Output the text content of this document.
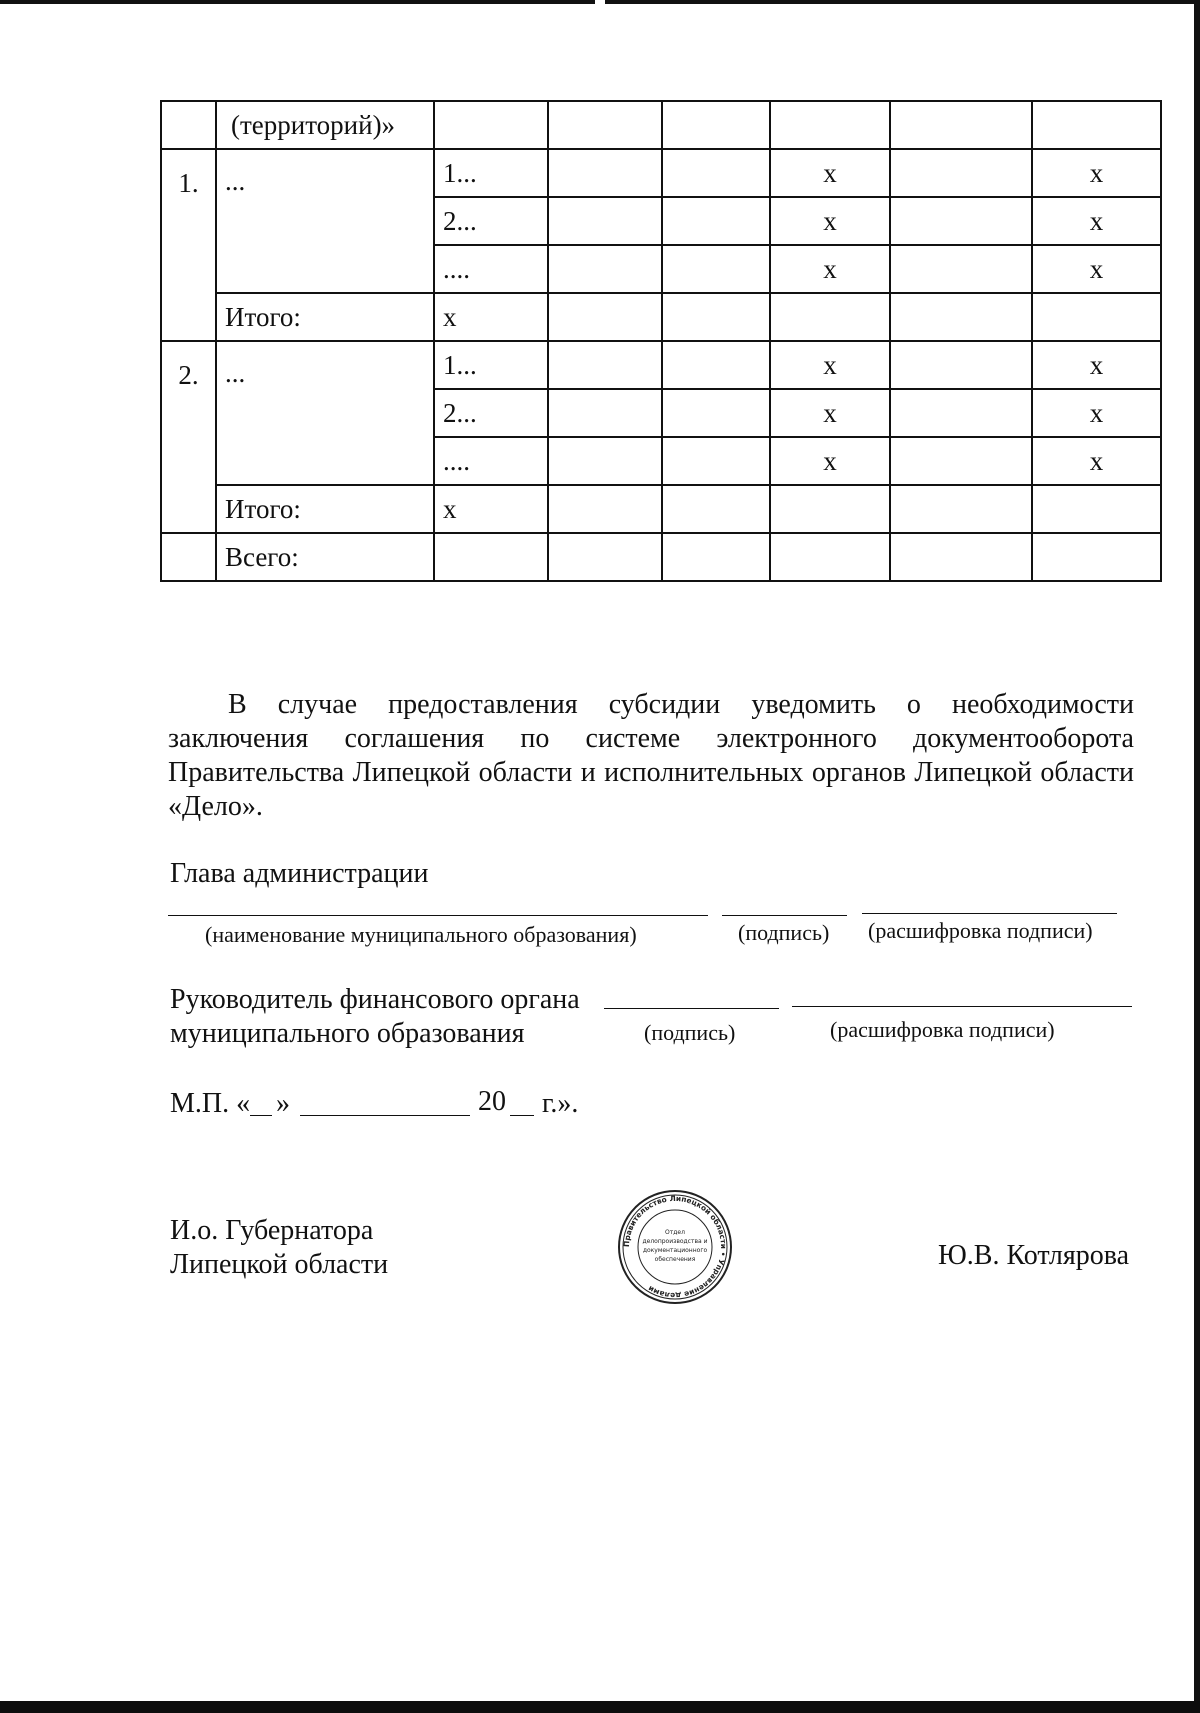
	(территорий)»						
1.	...	1...			x		x
		2...			x		x
		....			x		x
	Итого:	x					
2.	...	1...			x		x
		2...			x		x
		....			x		x
	Итого:	x					
	Всего:						
В случае предоставления субсидии уведомить о необходимости заключения соглашения по системе электронного документооборота Правительства Липецкой области и исполнительных органов Липецкой области «Дело».
Глава администрации
(наименование муниципального образования)	(подпись) (расшифровка подписи)
Руководитель финансового органа
муниципального образования	(подпись)	(расшифровка подписи)
М.П. « »	20 г.».
И.о. Губернатора
Липецкой области	Ю.В. Котлярова
Правительство Липецкой области • Управление делами
Отдел
делопроизводства и
документационного
обеспечения
